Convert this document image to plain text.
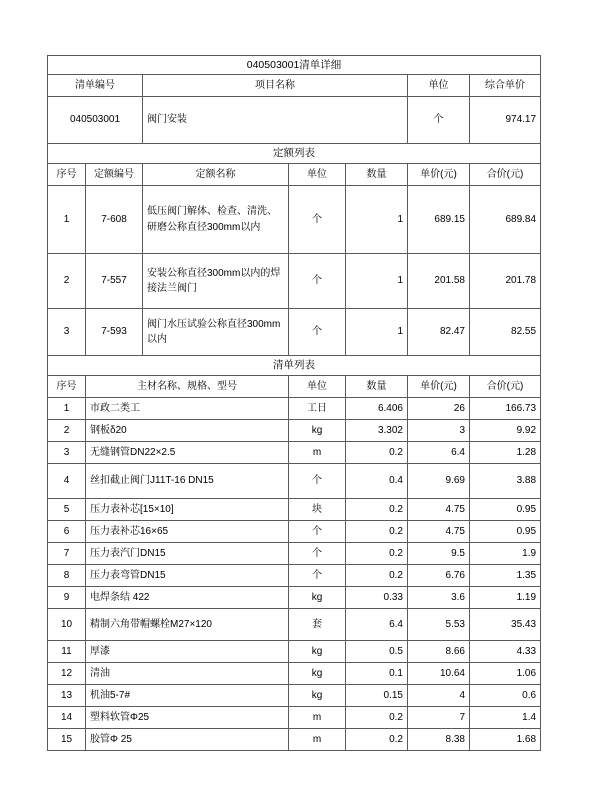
040503001清单详细						
清单编号		项目名称			单位	综合单价
040503001		阀门安装			个	974.17
定额列表						
序号	定额编号	定额名称	单位	数量	单价(元)	合价(元)
1	7-608	低压阀门解体、检查、清洗、研磨公称直径300mm以内	个	1	689.15	689.84
2	7-557	安装公称直径300mm以内的焊接法兰阀门	个	1	201.58	201.78
3	7-593	阀门水压试验公称直径300mm以内	个	1	82.47	82.55
清单列表						
序号	主材名称、规格、型号		单位	数量	单价(元)	合价(元)
1	市政二类工		工日	6.406	26	166.73
2	钢板δ20		kg	3.302	3	9.92
3	无缝钢管DN22×2.5		m	0.2	6.4	1.28
4	丝扣截止阀门J11T-16 DN15		个	0.4	9.69	3.88
5	压力表补芯[15×10]		块	0.2	4.75	0.95
6	压力表补芯16×65		个	0.2	4.75	0.95
7	压力表汽门DN15		个	0.2	9.5	1.9
8	压力表弯管DN15		个	0.2	6.76	1.35
9	电焊条结 422		kg	0.33	3.6	1.19
10	精制六角带帽螺栓M27×120		套	6.4	5.53	35.43
11	厚漆		kg	0.5	8.66	4.33
12	清油		kg	0.1	10.64	1.06
13	机油5-7#		kg	0.15	4	0.6
14	塑料软管Φ25		m	0.2	7	1.4
15	胶管Φ 25		m	0.2	8.38	1.68
